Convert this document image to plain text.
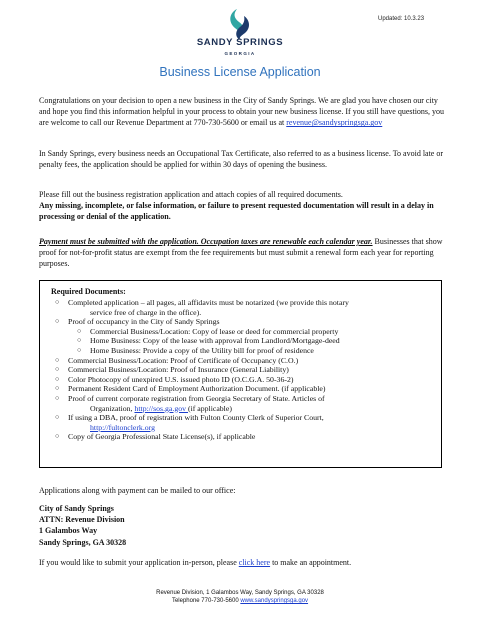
Updated: 10.3.23
SANDY SPRINGS
GEORGIA
Business License Application
Congratulations on your decision to open a new business in the City of Sandy Springs. We are glad you have chosen our city and hope you find this information helpful in your process to obtain your new business license. If you still have questions, you are welcome to call our Revenue Department at 770-730-5600 or email us at revenue@sandyspringsga.gov
In Sandy Springs, every business needs an Occupational Tax Certificate, also referred to as a business license. To avoid late or penalty fees, the application should be applied for within 30 days of opening the business.
Please fill out the business registration application and attach copies of all required documents.
Any missing, incomplete, or false information, or failure to present requested documentation will result in a delay in processing or denial of the application.
Payment must be submitted with the application. Occupation taxes are renewable each calendar year. Businesses that show proof for not-for-profit status are exempt from the fee requirements but must submit a renewal form each year for reporting purposes.
Required Documents:
○ Completed application – all pages, all affidavits must be notarized (we provide this notary
service free of charge in the office).
○ Proof of occupancy in the City of Sandy Springs
○ Commercial Business/Location: Copy of lease or deed for commercial property
○ Home Business: Copy of the lease with approval from Landlord/Mortgage-deed
○ Home Business: Provide a copy of the Utility bill for proof of residence
○ Commercial Business/Location: Proof of Certificate of Occupancy (C.O.)
○ Commercial Business/Location: Proof of Insurance (General Liability)
○ Color Photocopy of unexpired U.S. issued photo ID (O.C.G.A. 50-36-2)
○ Permanent Resident Card of Employment Authorization Document. (if applicable)
○ Proof of current corporate registration from Georgia Secretary of State. Articles of
Organization, http://sos.ga.gov (if applicable)
○ If using a DBA, proof of registration with Fulton County Clerk of Superior Court,
http://fultonclerk.org
○ Copy of Georgia Professional State License(s), if applicable
Applications along with payment can be mailed to our office:
City of Sandy Springs
ATTN: Revenue Division
1 Galambos Way
Sandy Springs, GA 30328
If you would like to submit your application in-person, please click here to make an appointment.
Revenue Division, 1 Galambos Way, Sandy Springs, GA 30328
Telephone 770-730-5600 www.sandyspringsga.gov
